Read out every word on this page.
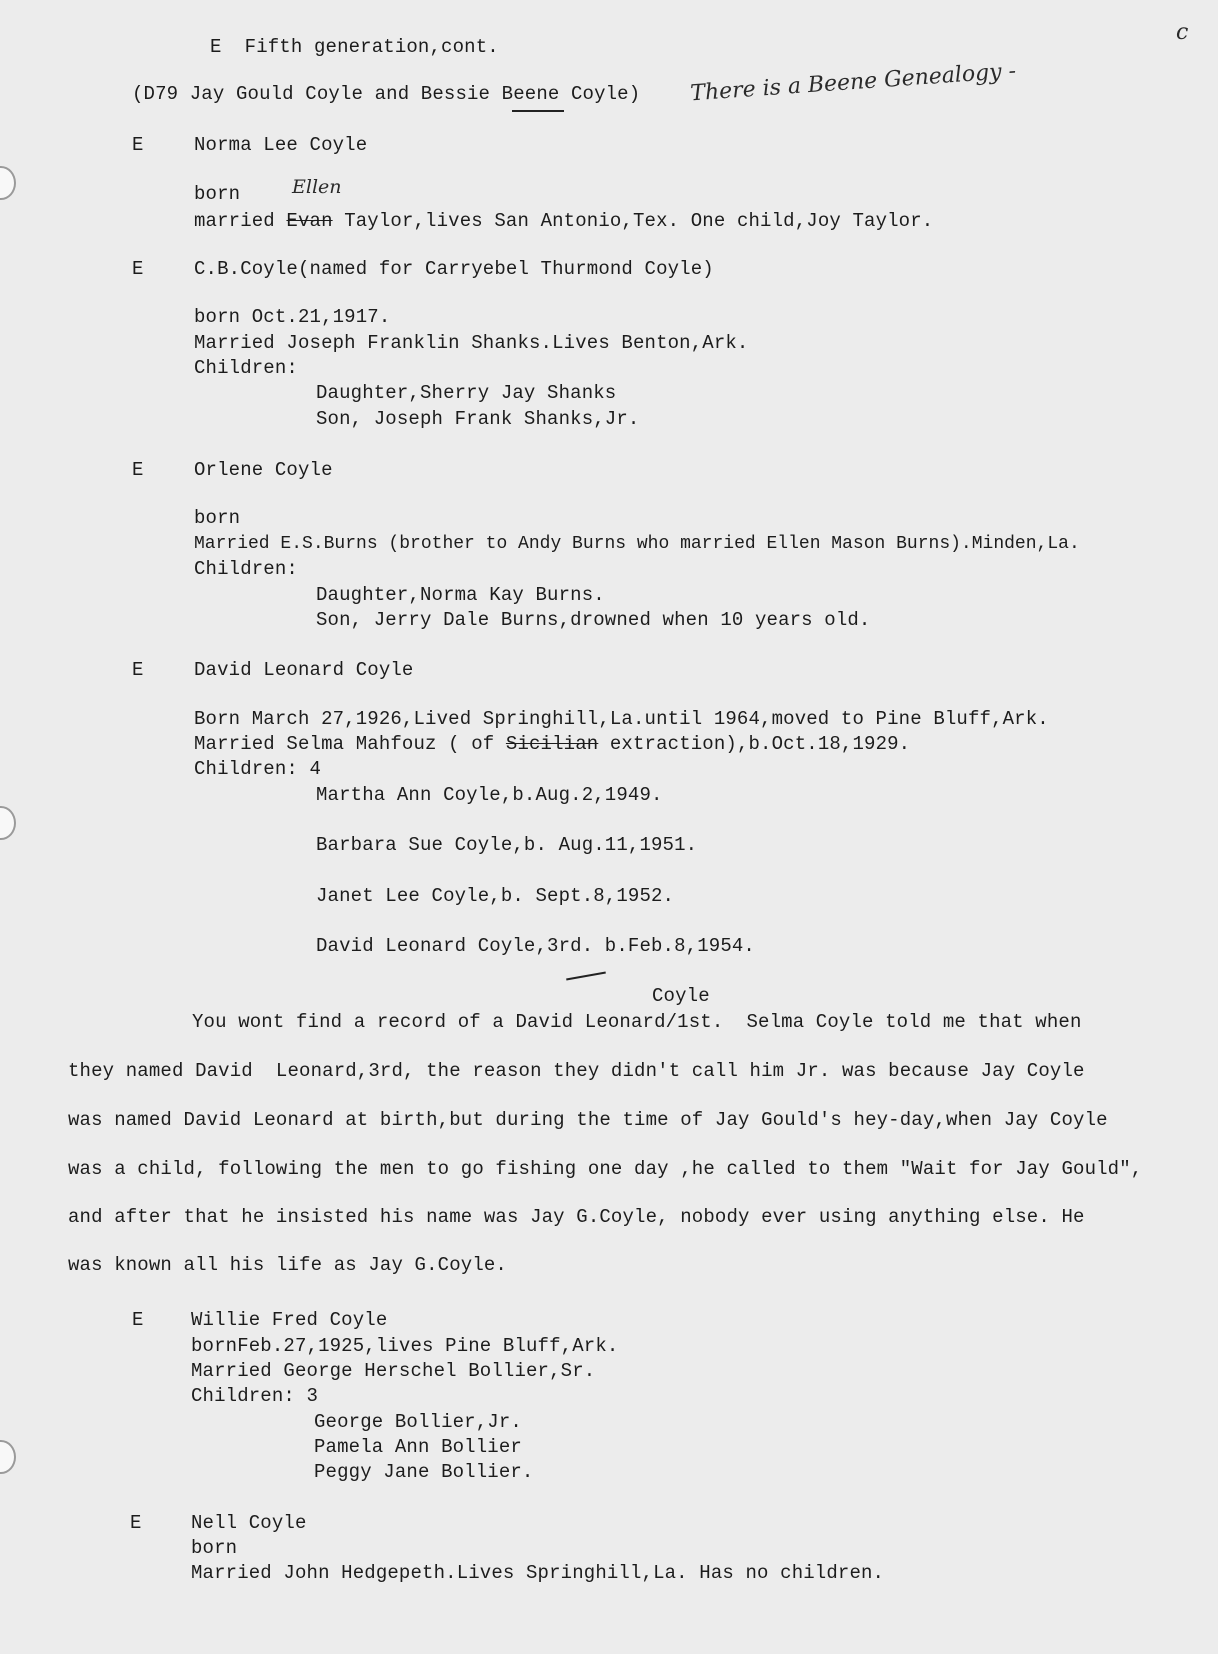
c
E  Fifth generation,cont.
(D79 Jay Gould Coyle and Bessie Beene Coyle) There is a Beene Genealogy -
E	Norma Lee Coyle
born	Ellen
married Evan Taylor,lives San Antonio,Tex. One child,Joy Taylor.
E	C.B.Coyle(named for Carryebel Thurmond Coyle)
born Oct.21,1917.
Married Joseph Franklin Shanks.Lives Benton,Ark.
Children:
Daughter,Sherry Jay Shanks
Son, Joseph Frank Shanks,Jr.
E	Orlene Coyle
born
Married E.S.Burns (brother to Andy Burns who married Ellen Mason Burns).Minden,La.
Children:
Daughter,Norma Kay Burns.
Son, Jerry Dale Burns,drowned when 10 years old.
E	David Leonard Coyle
Born March 27,1926,Lived Springhill,La.until 1964,moved to Pine Bluff,Ark.
Married Selma Mahfouz ( of Sicilian extraction),b.Oct.18,1929.
Children: 4
Martha Ann Coyle,b.Aug.2,1949.
Barbara Sue Coyle,b. Aug.11,1951.
Janet Lee Coyle,b. Sept.8,1952.
David Leonard Coyle,3rd. b.Feb.8,1954.
Coyle
You wont find a record of a David Leonard/1st.  Selma Coyle told me that when
they named David  Leonard,3rd, the reason they didn't call him Jr. was because Jay Coyle
was named David Leonard at birth,but during the time of Jay Gould's hey-day,when Jay Coyle
was a child, following the men to go fishing one day ,he called to them "Wait for Jay Gould",
and after that he insisted his name was Jay G.Coyle, nobody ever using anything else. He
was known all his life as Jay G.Coyle.
E Willie Fred Coyle
bornFeb.27,1925,lives Pine Bluff,Ark.
Married George Herschel Bollier,Sr.
Children: 3
George Bollier,Jr.
Pamela Ann Bollier
Peggy Jane Bollier.
E	Nell Coyle
born
Married John Hedgepeth.Lives Springhill,La. Has no children.
